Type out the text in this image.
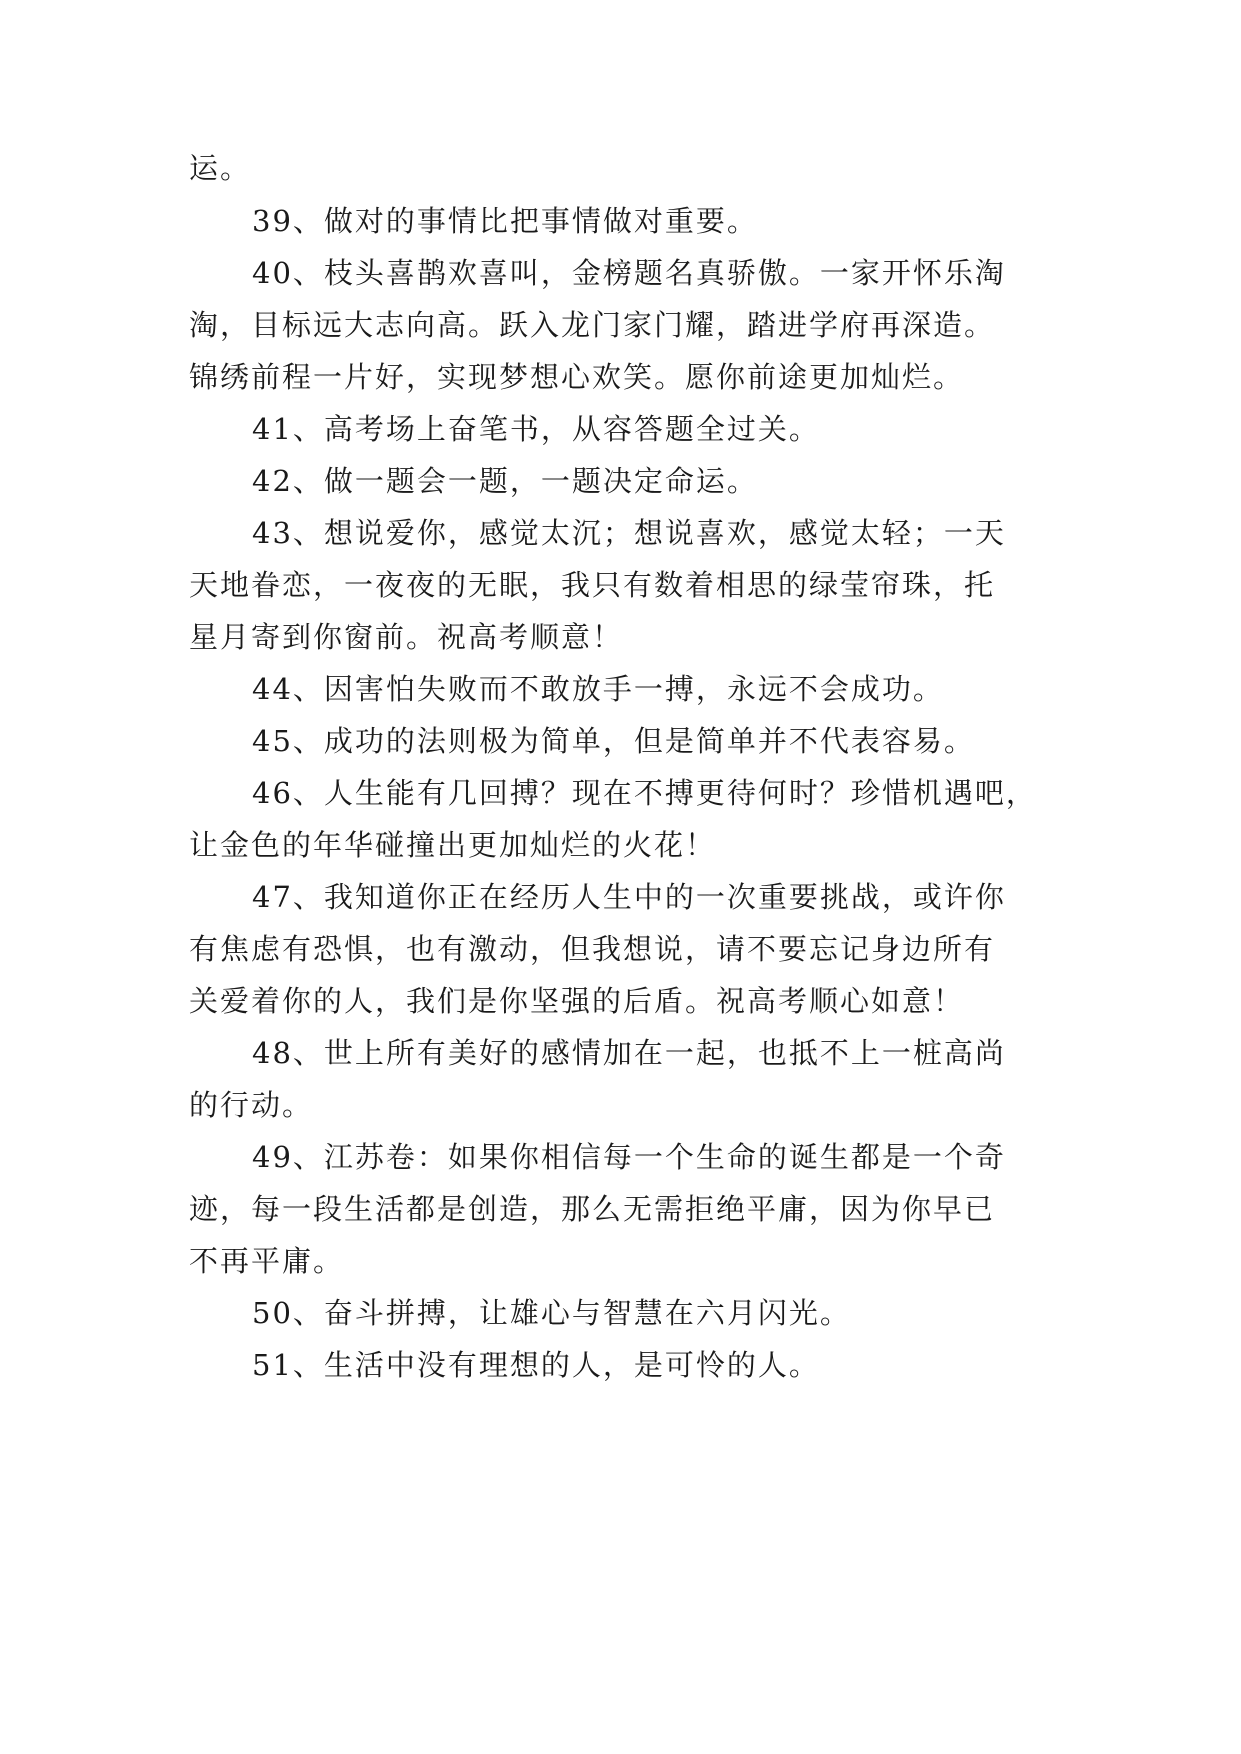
运。
39、做对的事情比把事情做对重要。
40、枝头喜鹊欢喜叫，金榜题名真骄傲。一家开怀乐淘
淘，目标远大志向高。跃入龙门家门耀，踏进学府再深造。
锦绣前程一片好，实现梦想心欢笑。愿你前途更加灿烂。
41、高考场上奋笔书，从容答题全过关。
42、做一题会一题，一题决定命运。
43、想说爱你，感觉太沉；想说喜欢，感觉太轻；一天
天地眷恋，一夜夜的无眠，我只有数着相思的绿莹帘珠，托
星月寄到你窗前。祝高考顺意！
44、因害怕失败而不敢放手一搏，永远不会成功。
45、成功的法则极为简单，但是简单并不代表容易。
46、人生能有几回搏？现在不搏更待何时？珍惜机遇吧，
让金色的年华碰撞出更加灿烂的火花！
47、我知道你正在经历人生中的一次重要挑战，或许你
有焦虑有恐惧，也有激动，但我想说，请不要忘记身边所有
关爱着你的人，我们是你坚强的后盾。祝高考顺心如意！
48、世上所有美好的感情加在一起，也抵不上一桩高尚
的行动。
49、江苏卷：如果你相信每一个生命的诞生都是一个奇
迹，每一段生活都是创造，那么无需拒绝平庸，因为你早已
不再平庸。
50、奋斗拼搏，让雄心与智慧在六月闪光。
51、生活中没有理想的人，是可怜的人。
